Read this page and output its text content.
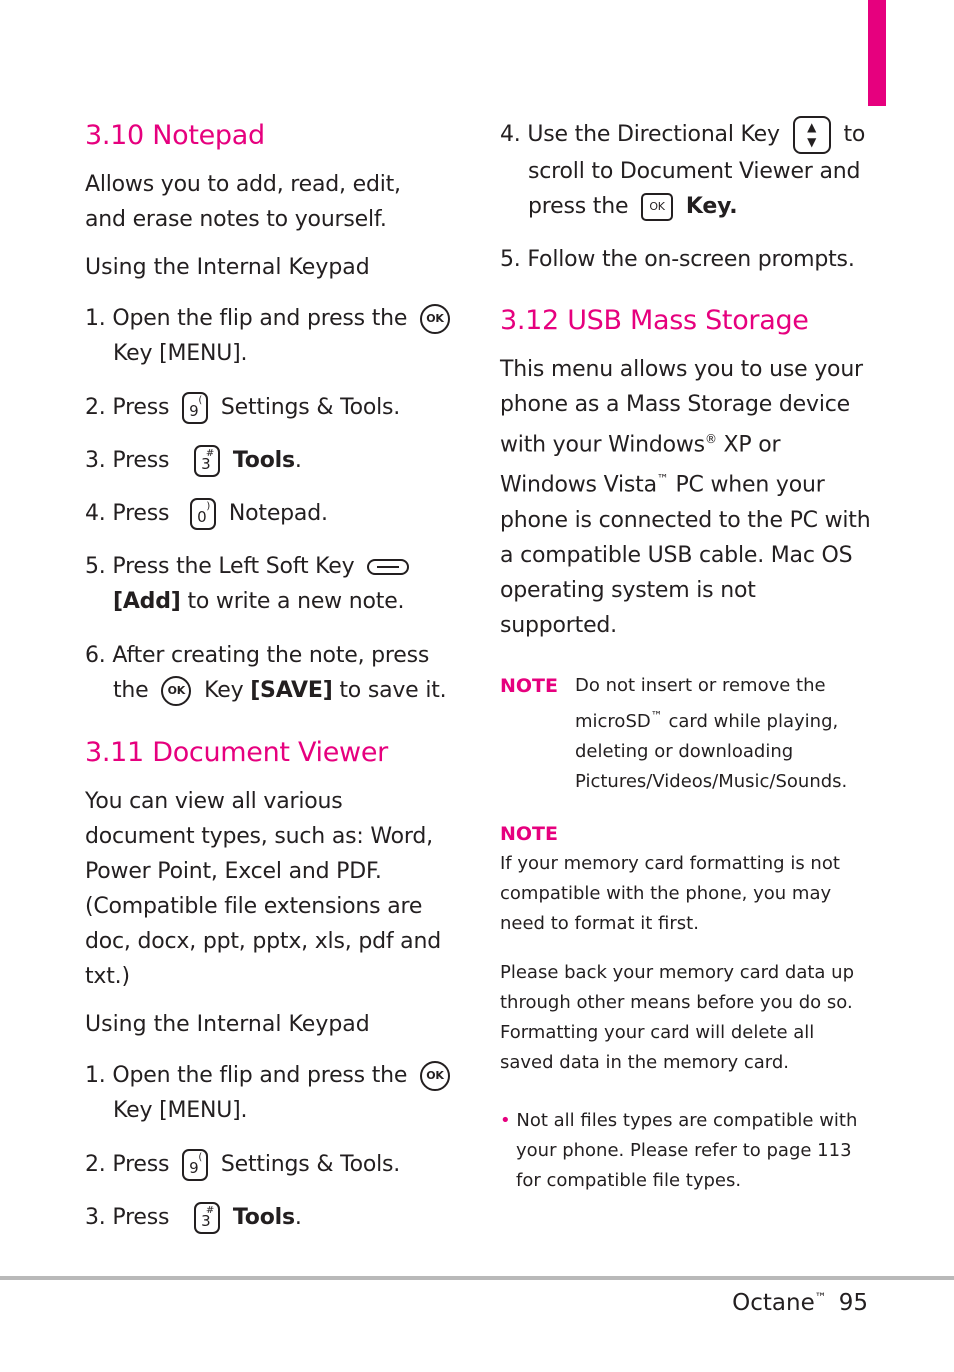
3.10 Notepad

Allows you to add, read, edit, and erase notes to yourself.

Using the Internal Keypad

1. Open the flip and press the OK
Key [MENU].

2. Press 9
( Settings & Tools.

3. Press 3
# Tools.

4. Press 0
) Notepad.

5. Press the Left Soft Key
[Add] to write a new note.

6. After creating the note, press the OK Key [SAVE] to save it.

3.11 Document Viewer

You can view all various document types, such as: Word, Power Point, Excel and PDF.

(Compatible file extensions are doc, docx, ppt, pptx, xls, pdf and txt.)

Using the Internal Keypad

1. Open the flip and press the OK
Key [MENU].

2. Press 9
( Settings & Tools.

3. Press 3
# Tools.

4. Use the Directional Key ▲
▼ to scroll to Document Viewer and press the OK Key.

5. Follow the on-screen prompts.

3.12 USB Mass Storage

This menu allows you to use your phone as a Mass Storage device with your Windows® XP or Windows Vista™ PC when your phone is connected to the PC with a compatible USB cable. Mac OS operating system is not supported.

NOTE Do not insert or remove the microSD™ card while playing, deleting or downloading Pictures/Videos/Music/Sounds.
NOTE

If your memory card formatting is not compatible with the phone, you may need to format it first.

Please back your memory card data up through other means before you do so. Formatting your card will delete all saved data in the memory card.

• Not all files types are compatible with your phone. Please refer to page 113 for compatible file types.

Octane™ 95
